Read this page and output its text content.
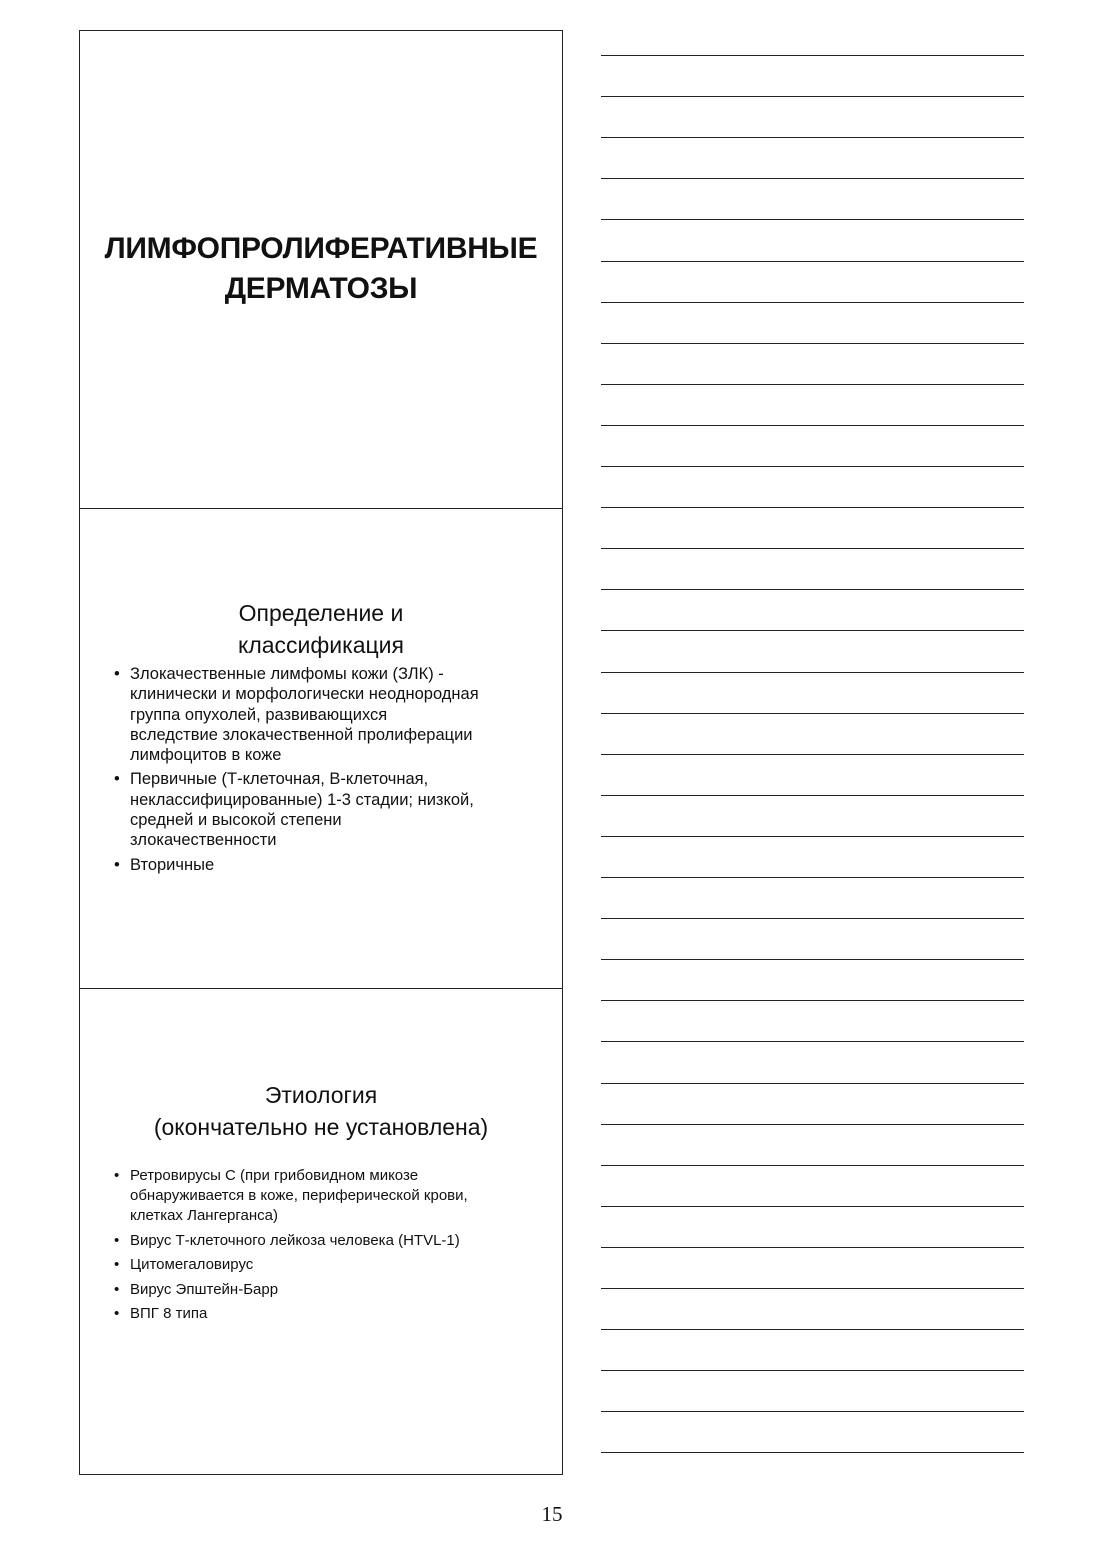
ЛИМФОПРОЛИФЕРАТИВНЫЕ
ДЕРМАТОЗЫ
Определение и
классификация
• Злокачественные лимфомы кожи (ЗЛК) -
клинически и морфологически неоднородная
группа опухолей, развивающихся
вследствие злокачественной пролиферации
лимфоцитов в коже
• Первичные (Т-клеточная, В-клеточная,
неклассифицированные) 1-3 стадии; низкой,
средней и высокой степени
злокачественности
• Вторичные
Этиология
(окончательно не установлена)
• Ретровирусы С (при грибовидном микозе
обнаруживается в коже, периферической крови,
клетках Лангерганса)
• Вирус Т-клеточного лейкоза человека (HTVL-1)
• Цитомегаловирус
• Вирус Эпштейн-Барр
• ВПГ 8 типа
15
